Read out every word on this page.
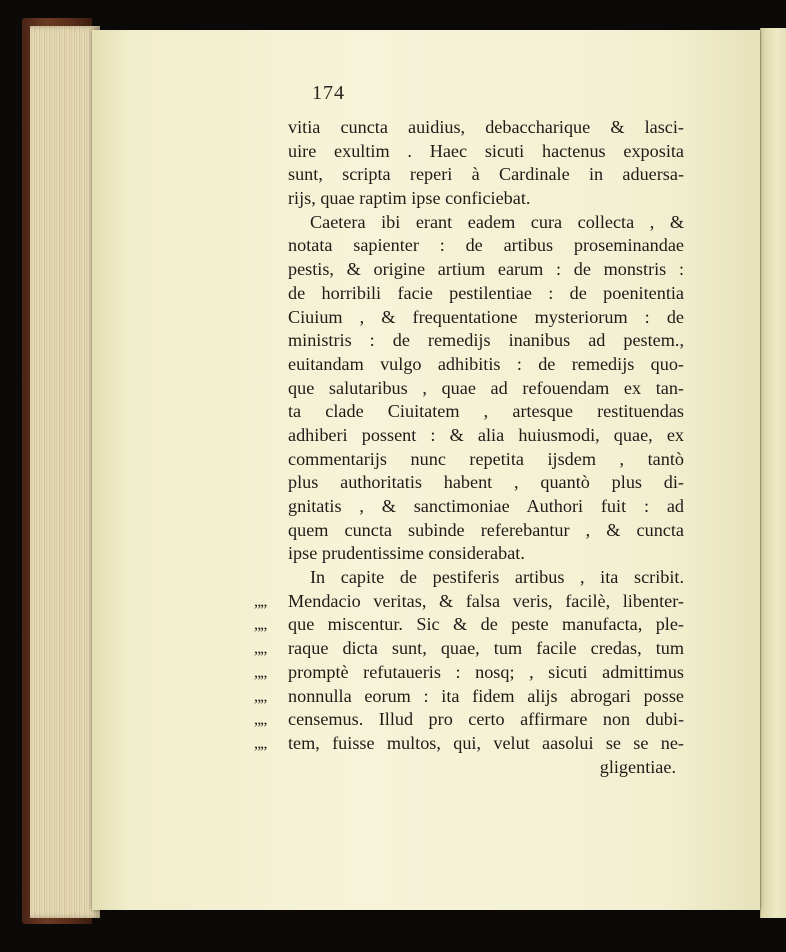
174
vitia cuncta auidius, debaccharique & lasci-
uire exultim . Haec sicuti hactenus exposita
sunt, scripta reperi à Cardinale in aduersa-
rijs, quae raptim ipse conficiebat.
Caetera ibi erant eadem cura collecta , &
notata sapienter : de artibus proseminandae
pestis, & origine artium earum : de monstris :
de horribili facie pestilentiae : de poenitentia
Ciuium , & frequentatione mysteriorum : de
ministris : de remedijs inanibus ad pestem.,
euitandam vulgo adhibitis : de remedijs quo-
que salutaribus , quae ad refouendam ex tan-
ta clade Ciuitatem , artesque restituendas
adhiberi possent : & alia huiusmodi, quae, ex
commentarijs nunc repetita ijsdem , tantò
plus authoritatis habent , quantò plus di-
gnitatis , & sanctimoniae Authori fuit : ad
quem cuncta subinde referebantur , & cuncta
ipse prudentissime considerabat.
In capite de pestiferis artibus , ita scribit.
„„	Mendacio veritas, & falsa veris, facilè, libenter-
„„	que miscentur. Sic & de peste manufacta, ple-
„„	raque dicta sunt, quae, tum facile credas, tum
„„	promptè refutaueris : nosq; , sicuti admittimus
„„	nonnulla eorum : ita fidem alijs abrogari posse
„„	censemus. Illud pro certo affirmare non dubi-
„„	tem, fuisse multos, qui, velut aasolui se se ne-
gligentiae.
